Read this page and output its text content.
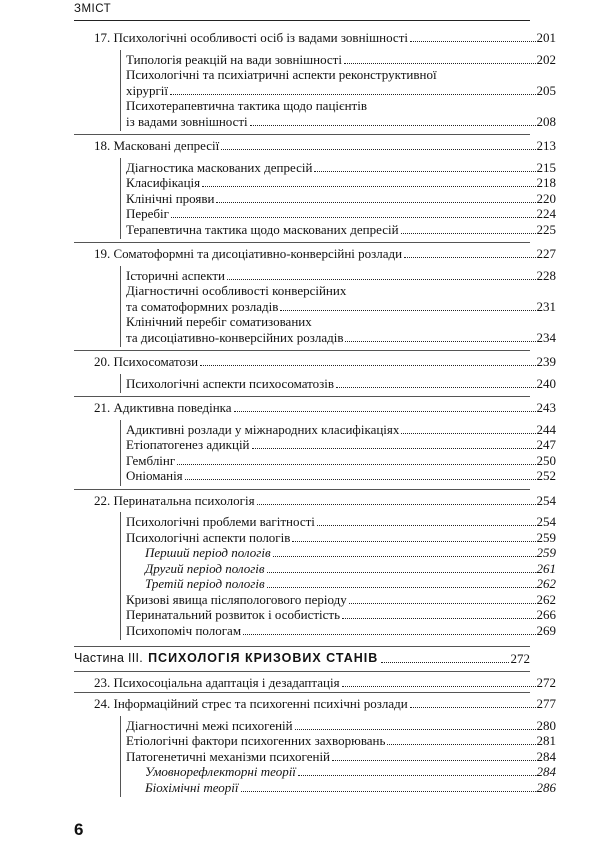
ЗМІСТ
6
17. Психологічні особливості осіб із вадами зовнішності	201
Типологія реакцій на вади зовнішності	202
Психологічні та психіатричні аспекти реконструктивної
хірургії	205
Психотерапевтична тактика щодо пацієнтів
із вадами зовнішності	208
18. Масковані депресії	213
Діагностика маскованих депресій	215
Класифікація	218
Клінічні прояви	220
Перебіг	224
Терапевтична тактика щодо маскованих депресій	225
19. Соматоформні та дисоціативно-конверсійні розлади	227
Історичні аспекти	228
Діагностичні особливості конверсійних
та соматоформних розладів	231
Клінічний перебіг соматизованих
та дисоціативно-конверсійних розладів	234
20. Психосоматози	239
Психологічні аспекти психосоматозів	240
21. Адиктивна поведінка	243
Адиктивні розлади у міжнародних класифікаціях	244
Етіопатогенез адикцій	247
Гемблінг	250
Оніоманія	252
22. Перинатальна психологія	254
Психологічні проблеми вагітності	254
Психологічні аспекти пологів	259
Перший період пологів	259
Другий період пологів	261
Третій період пологів	262
Кризові явища післяпологового періоду	262
Перинатальний розвиток і особистість	266
Психопоміч пологам	269
Частина III. ПСИХОЛОГІЯ КРИЗОВИХ СТАНІВ	272
23. Психосоціальна адаптація і дезадаптація	272
24. Інформаційний стрес та психогенні психічні розлади	277
Діагностичні межі психогеній	280
Етіологічні фактори психогенних захворювань	281
Патогенетичні механізми психогеній	284
Умовнорефлекторні теорії	284
Біохімічні теорії	286
